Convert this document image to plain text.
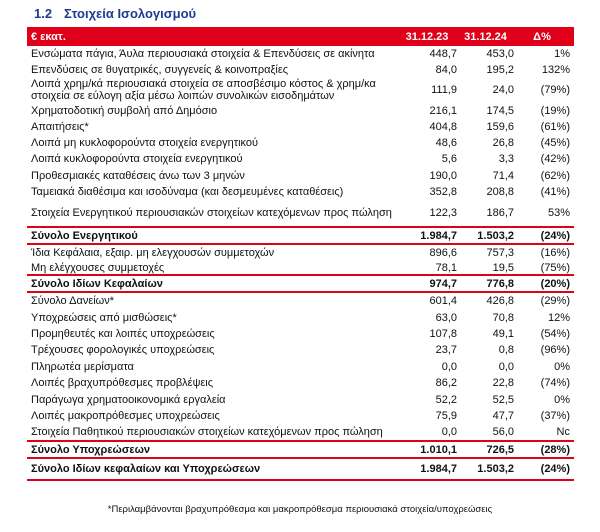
1.2 Στοιχεία Ισολογισμού
€ εκατ.	31.12.23	31.12.24	Δ%
Ενσώματα πάγια, Άυλα περιουσιακά στοιχεία & Επενδύσεις σε ακίνητα	448,7	453,0	1%
Επενδύσεις σε θυγατρικές, συγγενείς & κοινοπραξίες	84,0	195,2	132%
Λοιπά χρημ/κά περιουσιακά στοιχεία σε αποσβέσιμο κόστος & χρημ/κα στοιχεία σε εύλογη αξία μέσω λοιπών συνολικών εισοδημάτων	111,9	24,0	(79%)
Χρηματοδοτική συμβολή από Δημόσιο	216,1	174,5	(19%)
Απαιτήσεις*	404,8	159,6	(61%)
Λοιπά μη κυκλοφορούντα στοιχεία ενεργητικού	48,6	26,8	(45%)
Λοιπά κυκλοφορούντα στοιχεία ενεργητικού	5,6	3,3	(42%)
Προθεσμιακές καταθέσεις άνω των 3 μηνών	190,0	71,4	(62%)
Ταμειακά διαθέσιμα και ισοδύναμα (και δεσμευμένες καταθέσεις)	352,8	208,8	(41%)
Στοιχεία Ενεργητικού περιουσιακών στοιχείων κατεχόμενων προς πώληση	122,3	186,7	53%
Σύνολο Ενεργητικού	1.984,7	1.503,2	(24%)
Ίδια Κεφάλαια, εξαιρ. μη ελεγχουσών συμμετοχών	896,6	757,3	(16%)
Μη ελέγχουσες συμμετοχές	78,1	19,5	(75%)
Σύνολο Ιδίων Κεφαλαίων	974,7	776,8	(20%)
Σύνολο Δανείων*	601,4	426,8	(29%)
Υποχρεώσεις από μισθώσεις*	63,0	70,8	12%
Προμηθευτές και λοιπές υποχρεώσεις	107,8	49,1	(54%)
Τρέχουσες φορολογικές υποχρεώσεις	23,7	0,8	(96%)
Πληρωτέα μερίσματα	0,0	0,0	0%
Λοιπές βραχυπρόθεσμες προβλέψεις	86,2	22,8	(74%)
Παράγωγα χρηματοοικονομικά εργαλεία	52,2	52,5	0%
Λοιπές μακροπρόθεσμες υποχρεώσεις	75,9	47,7	(37%)
Στοιχεία Παθητικού περιουσιακών στοιχείων κατεχόμενων προς πώληση	0,0	56,0	Nc
Σύνολο Υποχρεώσεων	1.010,1	726,5	(28%)
Σύνολο Ιδίων κεφαλαίων και Υποχρεώσεων	1.984,7	1.503,2	(24%)
*Περιλαμβάνονται βραχυπρόθεσμα και μακροπρόθεσμα περιουσιακά στοιχεία/υποχρεώσεις
